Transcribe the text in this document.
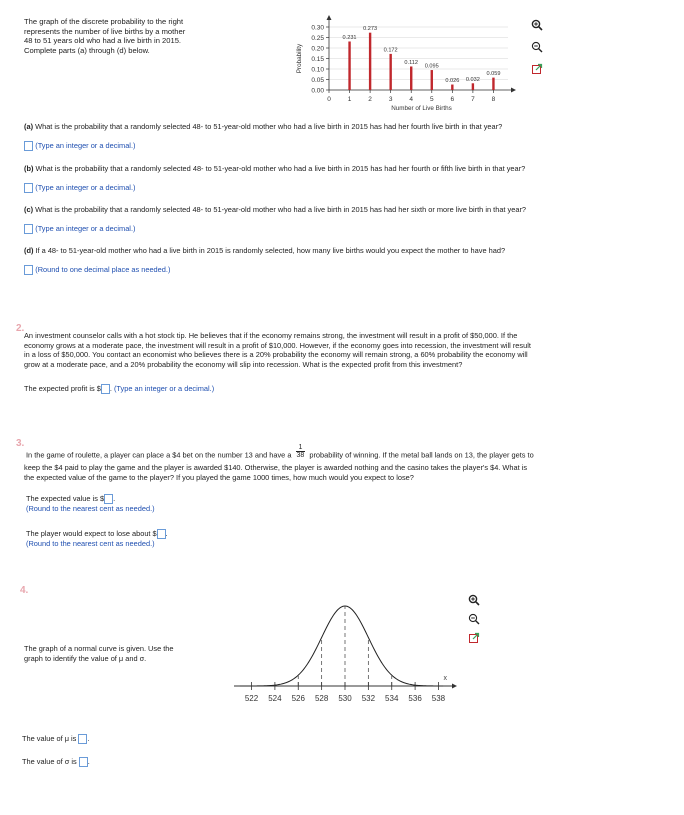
The graph of the discrete probability to the right
represents the number of live births by a mother
48 to 51 years old who had a live birth in 2015.
Complete parts (a) through (d) below.
0.00
0.05
0.10
0.15
0.20
0.25
0.30
0	1	2	3	4	5	6	7	8
0.231
0.273
0.172
0.112
0.095
0.026 0.032
0.059
Number of Live Births
Probability
(a) What is the probability that a randomly selected 48- to 51-year-old mother who had a live birth in 2015 has had her fourth live birth in that year?
(Type an integer or a decimal.)
(b) What is the probability that a randomly selected 48- to 51-year-old mother who had a live birth in 2015 has had her fourth or fifth live birth in that year?
(Type an integer or a decimal.)
(c) What is the probability that a randomly selected 48- to 51-year-old mother who had a live birth in 2015 has had her sixth or more live birth in that year?
(Type an integer or a decimal.)
(d) If a 48- to 51-year-old mother who had a live birth in 2015 is randomly selected, how many live births would you expect the mother to have had?
(Round to one decimal place as needed.)
2.
An investment counselor calls with a hot stock tip. He believes that if the economy remains strong, the investment will result in a profit of $50,000. If the
economy grows at a moderate pace, the investment will result in a profit of $10,000. However, if the economy goes into recession, the investment will result
in a loss of $50,000. You contact an economist who believes there is a 20% probability the economy will remain strong, a 60% probability the economy will
grow at a moderate pace, and a 20% probability the economy will slip into recession. What is the expected profit from this investment?
The expected profit is $ . (Type an integer or a decimal.)
3.
In the game of roulette, a player can place a $4 bet on the number 13 and have a $\frac{1}{38}$ probability of winning. If the metal ball lands on 13, the player gets to
keep the $4 paid to play the game and the player is awarded $140. Otherwise, the player is awarded nothing and the casino takes the player's $4. What is
the expected value of the game to the player? If you played the game 1000 times, how much would you expect to lose?
The expected value is $ .
(Round to the nearest cent as needed.)
The player would expect to lose about $ .
(Round to the nearest cent as needed.)
4.
The graph of a normal curve is given. Use the
graph to identify the value of μ and σ.
x
522 524 526 528 530 532 534 536 538
The value of μ is .
The value of σ is .
